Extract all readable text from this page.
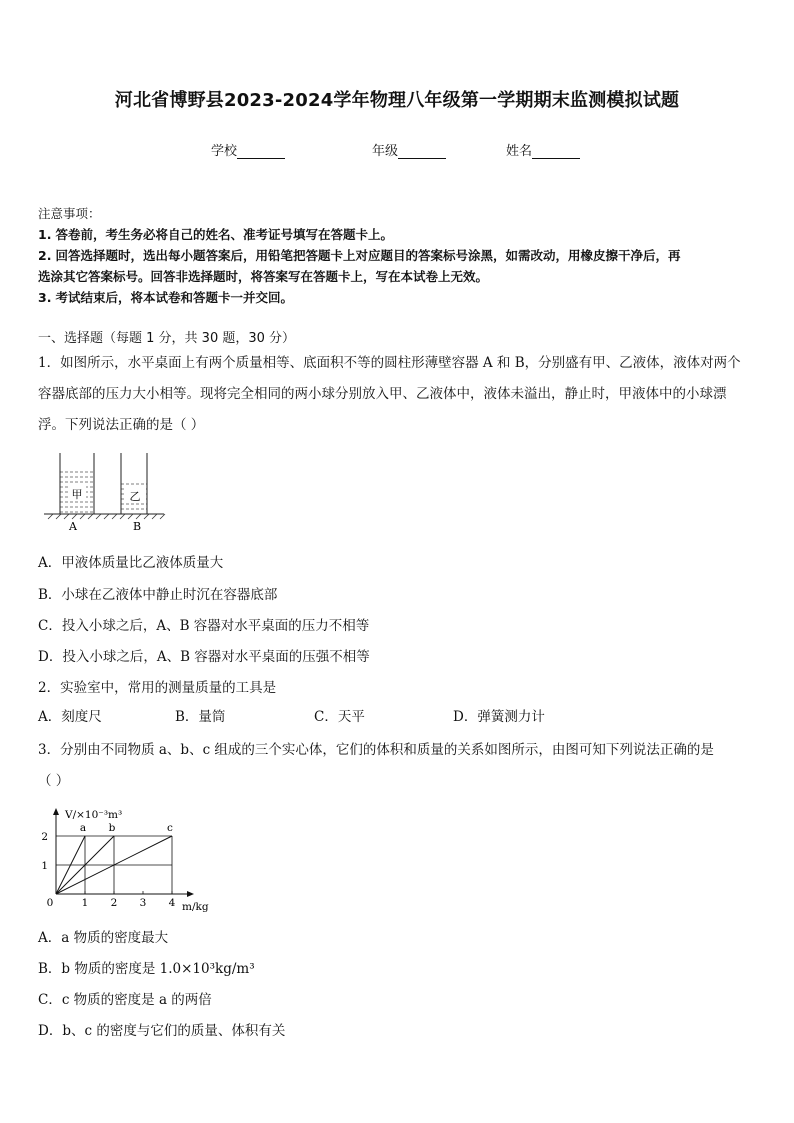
河北省博野县2023-2024学年物理八年级第一学期期末监测模拟试题
学校	年级	姓名

注意事项：

1. 答卷前，考生务必将自己的姓名、准考证号填写在答题卡上。

2. 回答选择题时，选出每小题答案后，用铅笔把答题卡上对应题目的答案标号涂黑，如需改动，用橡皮擦干净后，再

选涂其它答案标号。回答非选择题时，将答案写在答题卡上，写在本试卷上无效。

3. 考试结束后，将本试卷和答题卡一并交回。

一、选择题（每题 1 分，共 30 题，30 分）
1．如图所示，水平桌面上有两个质量相等、底面积不等的圆柱形薄壁容器 A 和 B，分别盛有甲、乙液体，液体对两个
容器底部的压力大小相等。现将完全相同的两小球分别放入甲、乙液体中，液体未溢出，静止时，甲液体中的小球漂
浮。下列说法正确的是（ ）
甲	乙
A	B
A．甲液体质量比乙液体质量大
B．小球在乙液体中静止时沉在容器底部
C．投入小球之后，A、B 容器对水平桌面的压力不相等
D．投入小球之后，A、B 容器对水平桌面的压强不相等
2．实验室中，常用的测量质量的工具是
A．刻度尺	B．量筒	C．天平	D．弹簧测力计
3．分别由不同物质 a、b、c 组成的三个实心体，它们的体积和质量的关系如图所示，由图可知下列说法正确的是
（ ）
V/×10⁻³m³
m/kg
0	1 2 3 4
1
2
a b	c
A．a 物质的密度最大
B．b 物质的密度是 1.0×10³kg/m³
C．c 物质的密度是 a 的两倍
D．b、c 的密度与它们的质量、体积有关
